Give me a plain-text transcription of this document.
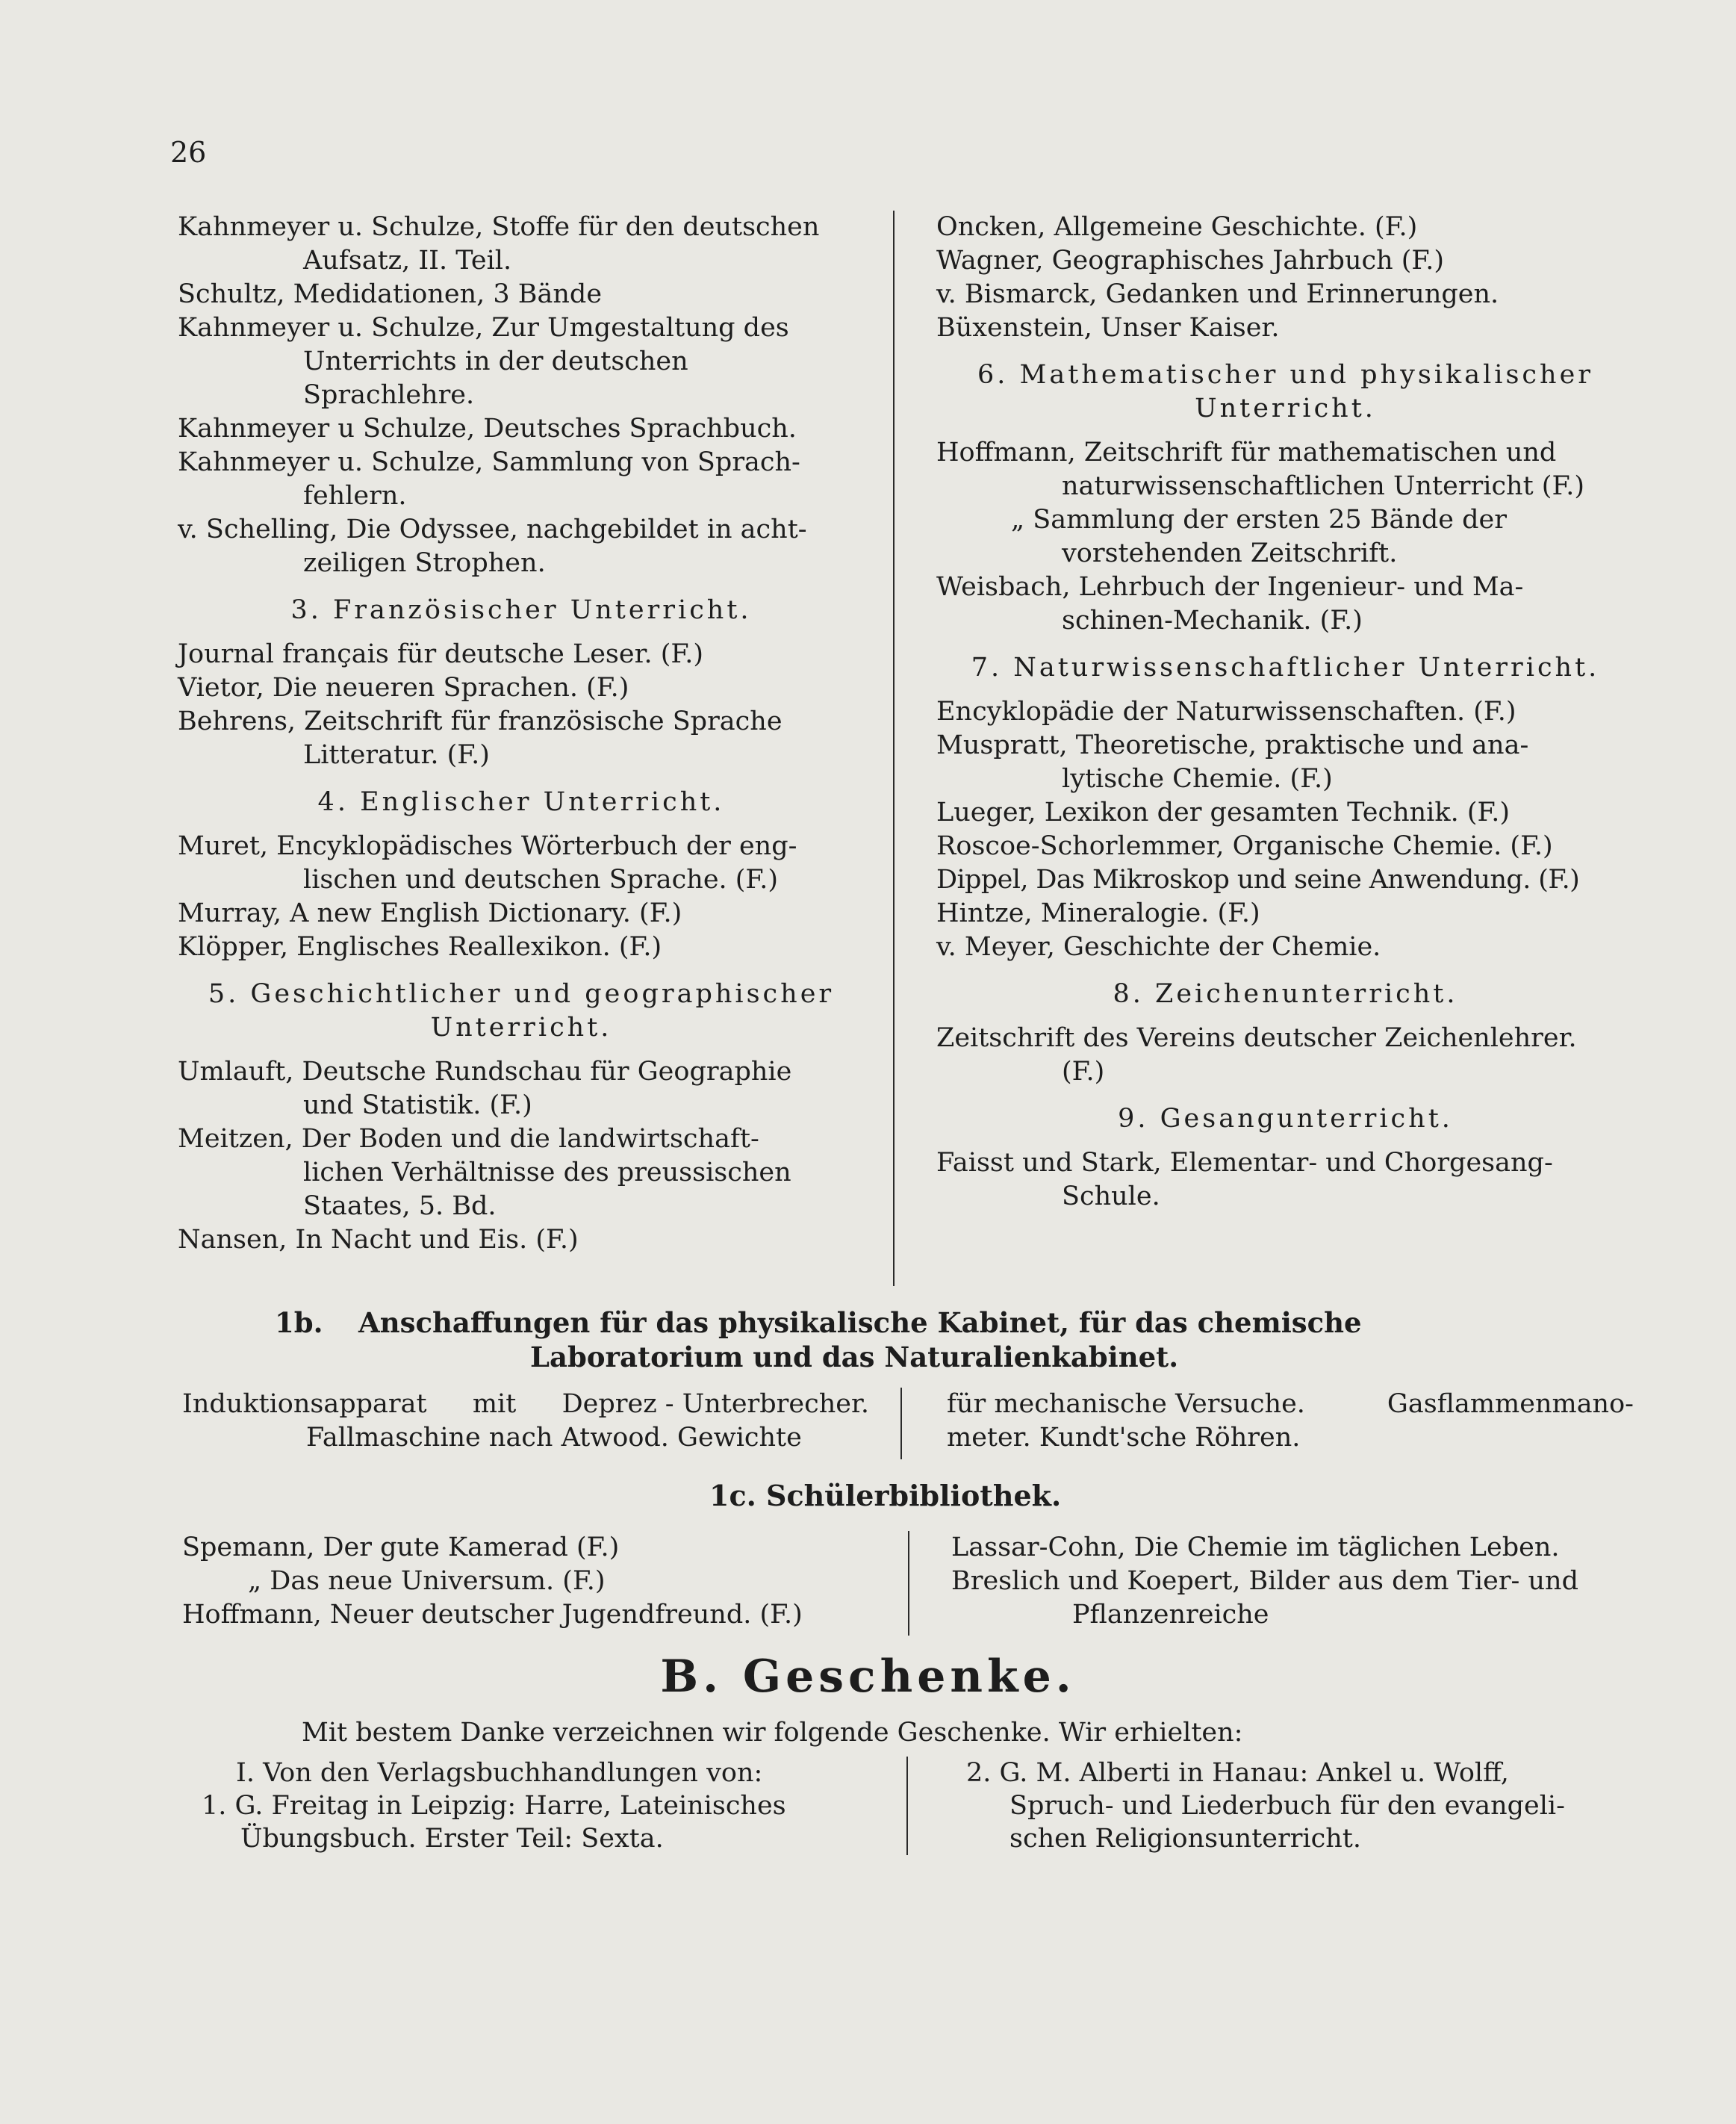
26

Kahnmeyer u. Schulze, Stoffe für den deutschen
Aufsatz, II. Teil.

Schultz, Medidationen, 3 Bände

Kahnmeyer u. Schulze, Zur Umgestaltung des
Unterrichts in der deutschen Sprachlehre.

Kahnmeyer u Schulze, Deutsches Sprachbuch.

Kahnmeyer u. Schulze, Sammlung von Sprach-
fehlern.

v. Schelling, Die Odyssee, nachgebildet in acht-
zeiligen Strophen.

3. Französischer Unterricht.

Journal français für deutsche Leser. (F.)

Vietor, Die neueren Sprachen. (F.)

Behrens, Zeitschrift für französische Sprache
Litteratur. (F.)

4. Englischer Unterricht.

Muret, Encyklopädisches Wörterbuch der eng-
lischen und deutschen Sprache. (F.)

Murray, A new English Dictionary. (F.)

Klöpper, Englisches Reallexikon. (F.)

5. Geschichtlicher und geographischer
Unterricht.

Umlauft, Deutsche Rundschau für Geographie
und Statistik. (F.)

Meitzen, Der Boden und die landwirtschaft-
lichen Verhältnisse des preussischen
Staates, 5. Bd.

Nansen, In Nacht und Eis. (F.)

Oncken, Allgemeine Geschichte. (F.)

Wagner, Geographisches Jahrbuch (F.)

v. Bismarck, Gedanken und Erinnerungen.

Büxenstein, Unser Kaiser.

6. Mathematischer und physikalischer
Unterricht.

Hoffmann, Zeitschrift für mathematischen und
naturwissenschaftlichen Unterricht (F.)

„ Sammlung der ersten 25 Bände der
vorstehenden Zeitschrift.

Weisbach, Lehrbuch der Ingenieur- und Ma-
schinen-Mechanik. (F.)

7. Naturwissenschaftlicher Unterricht.

Encyklopädie der Naturwissenschaften. (F.)

Muspratt, Theoretische, praktische und ana-
lytische Chemie. (F.)

Lueger, Lexikon der gesamten Technik. (F.)

Roscoe-Schorlemmer, Organische Chemie. (F.)

Dippel, Das Mikroskop und seine Anwendung. (F.)

Hintze, Mineralogie. (F.)

v. Meyer, Geschichte der Chemie.

8. Zeichenunterricht.

Zeitschrift des Vereins deutscher Zeichenlehrer.
(F.)

9. Gesangunterricht.

Faisst und Stark, Elementar- und Chorgesang-
Schule.

1b. Anschaffungen für das physikalische Kabinet, für das chemische
Laboratorium und das Naturalienkabinet.
Induktionsapparat mit Deprez - Unterbrecher.
Fallmaschine nach Atwood. Gewichte
für mechanische Versuche.	Gasflammenmano-
meter. Kundt'sche Röhren.
1c. Schülerbibliothek.
Spemann, Der gute Kamerad (F.)
„ Das neue Universum. (F.)
Hoffmann, Neuer deutscher Jugendfreund. (F.)
Lassar-Cohn, Die Chemie im täglichen Leben.
Breslich und Koepert, Bilder aus dem Tier- und
Pflanzenreiche
B. Geschenke.
Mit bestem Danke verzeichnen wir folgende Geschenke. Wir erhielten:
I. Von den Verlagsbuchhandlungen von:
1. G. Freitag in Leipzig: Harre, Lateinisches
Übungsbuch. Erster Teil: Sexta.
2. G. M. Alberti in Hanau: Ankel u. Wolff,
Spruch- und Liederbuch für den evangeli-
schen Religionsunterricht.
